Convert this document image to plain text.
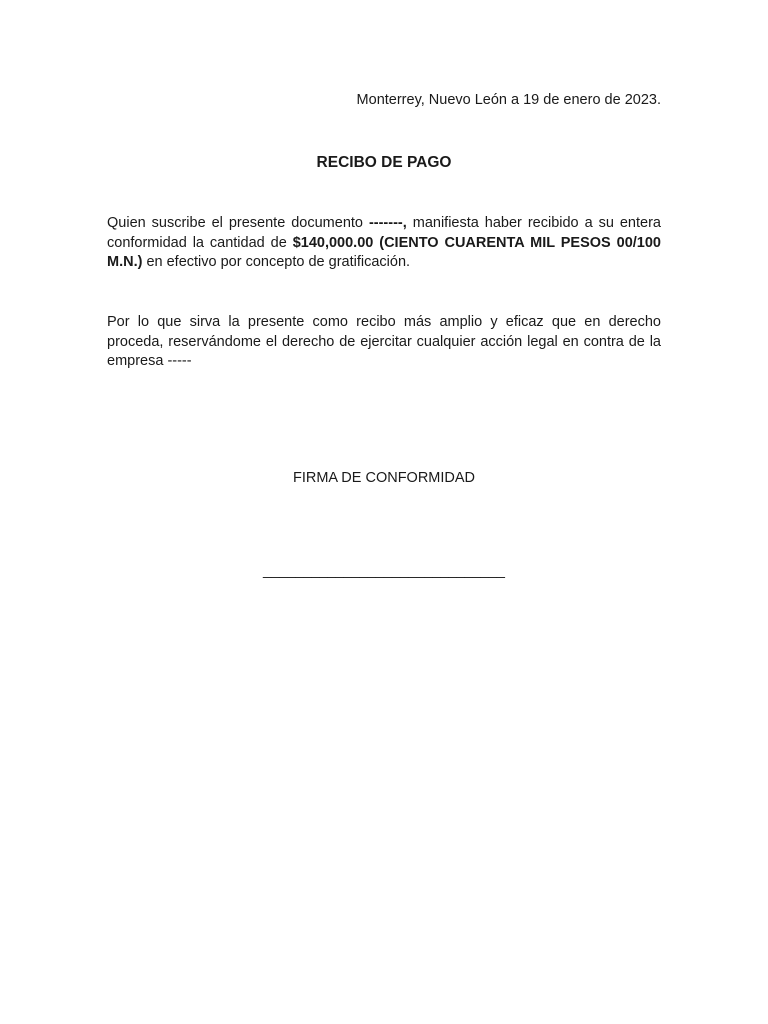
Monterrey, Nuevo León a 19 de enero de 2023.
RECIBO DE PAGO

Quien suscribe el presente documento -------, manifiesta haber recibido a su entera conformidad la cantidad de $140,000.00 (CIENTO CUARENTA MIL PESOS 00/100 M.N.) en efectivo por concepto de gratificación.

Por lo que sirva la presente como recibo más amplio y eficaz que en derecho proceda, reservándome el derecho de ejercitar cualquier acción legal en contra de la empresa -----

FIRMA DE CONFORMIDAD
______________________________
